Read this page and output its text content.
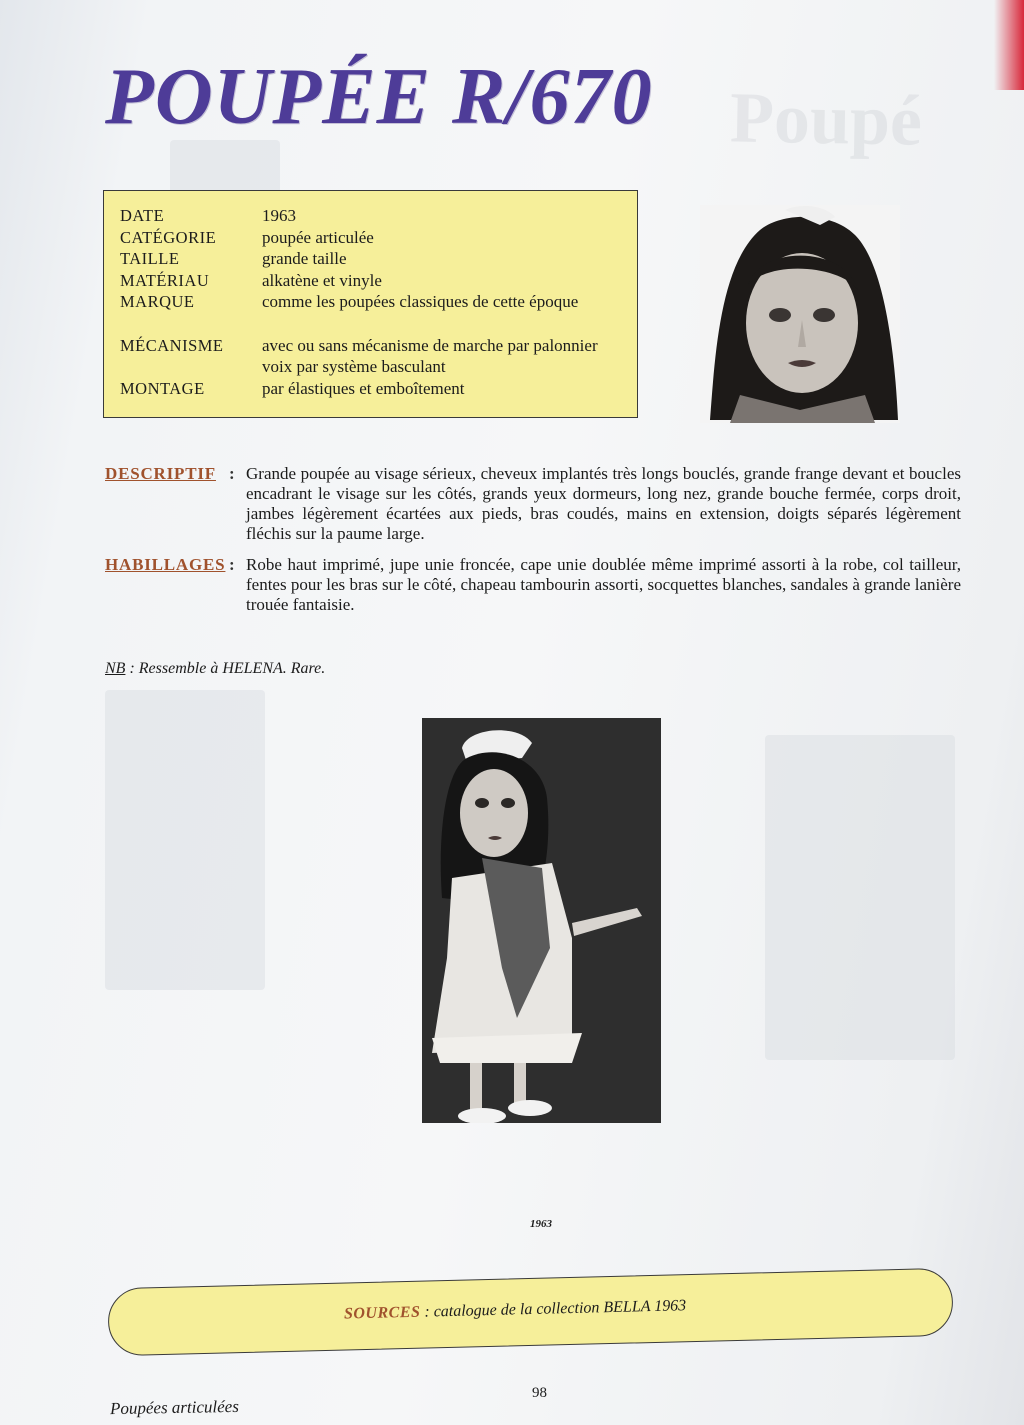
Poupé
POUPÉE R/670
DATE	1963
CATÉGORIE	poupée articulée
TAILLE	grande taille
MATÉRIAU	alkatène et vinyle
MARQUE	comme les poupées classiques de cette époque
MÉCANISME avec ou sans mécanisme de marche par palonnier voix par système basculant
MONTAGE	par élastiques et emboîtement
DESCRIPTIF : Grande poupée au visage sérieux, cheveux implantés très longs bouclés, grande frange devant et boucles encadrant le visage sur les côtés, grands yeux dormeurs, long nez, grande bouche fermée, corps droit, jambes légèrement écartées aux pieds, bras coudés, mains en extension, doigts séparés légèrement fléchis sur la paume large.
HABILLAGES : Robe haut imprimé, jupe unie froncée, cape unie doublée même imprimé assorti à la robe, col tailleur, fentes pour les bras sur le côté, chapeau tambourin assorti, socquettes blanches, sandales à grande lanière trouée fantaisie.
NB : Ressemble à HELENA. Rare.
1963
SOURCES : catalogue de la collection BELLA 1963
Poupées articulées
98
